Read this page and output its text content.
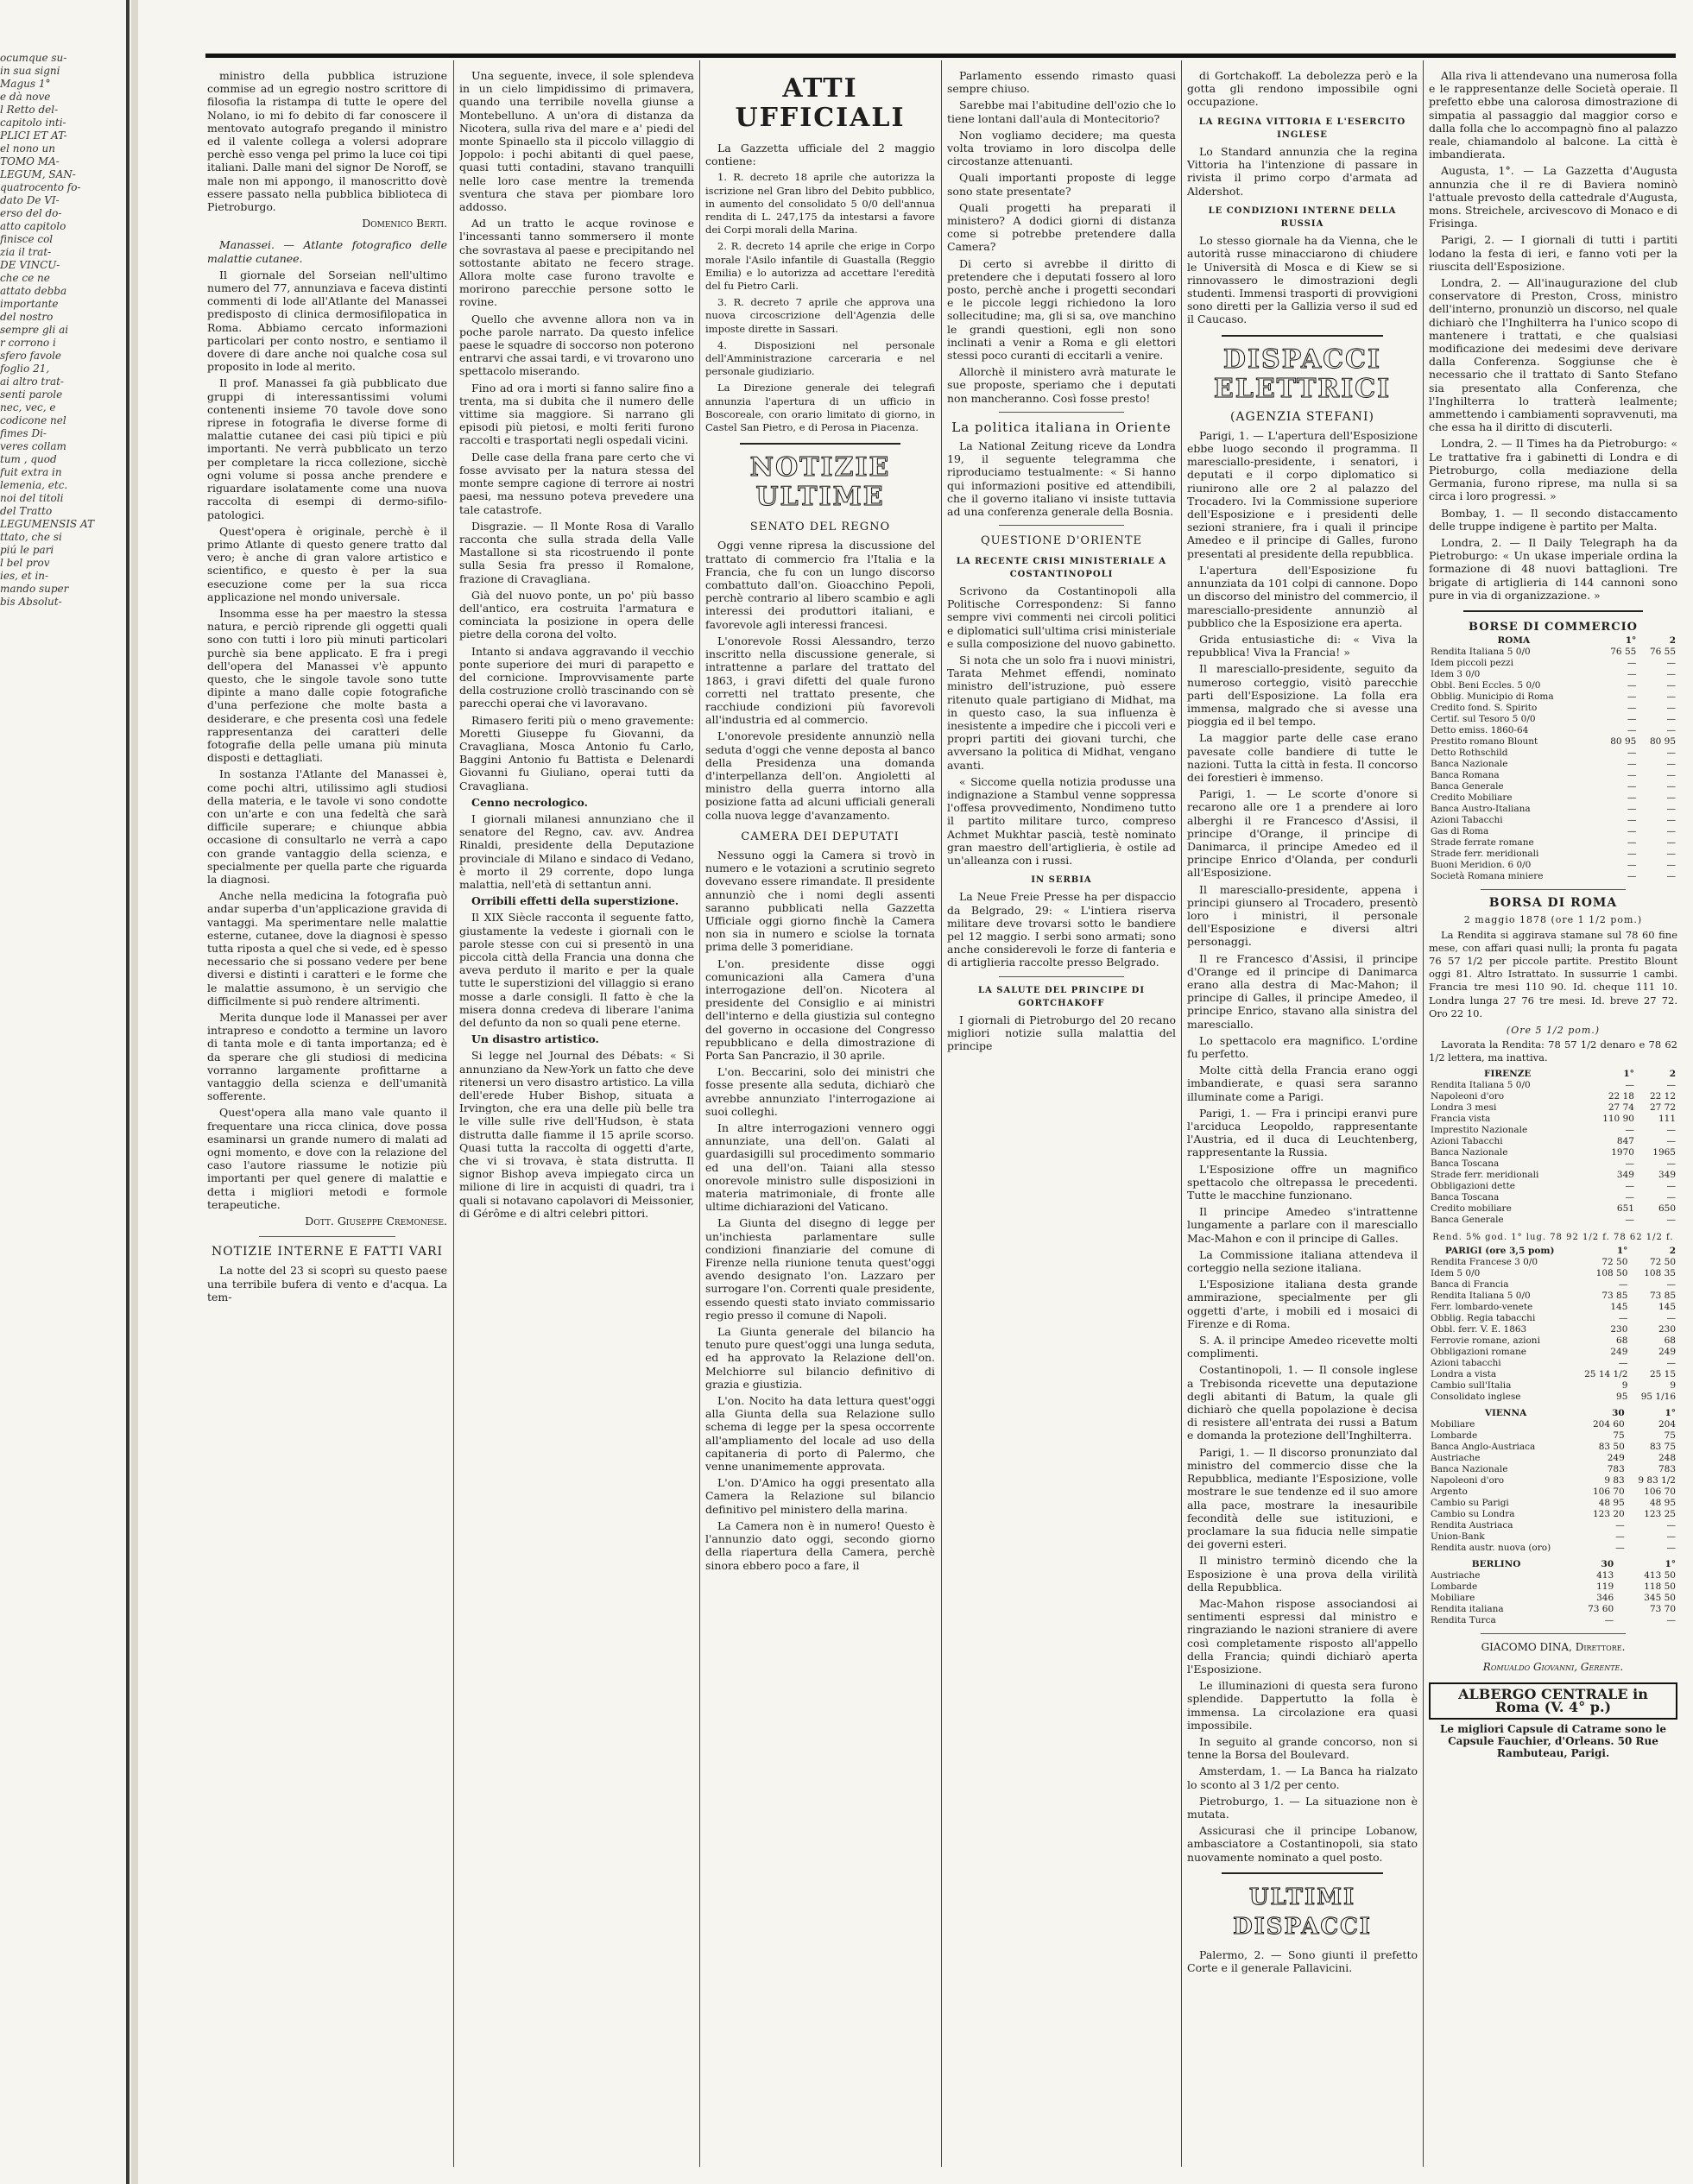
ocumque su-
in sua signi
Magus 1°
e dà nove
l Retto del-
capitolo inti-
PLICI ET AT-
el nono un
TOMO MA-
LEGUM, SAN-
quatrocento fo-
dato De VI-
erso del do-
atto capitolo
finisce col
zia il trat-
DE VINCU-
che ce ne
attato debba
importante
del nostro
sempre gli ai
r corrono i
sfero favole
foglio 21,
ai altro trat-
senti parole
nec, vec, e
codicone nel
fimes Di-
veres collam
tum , quod
fuit extra in
lemenia, etc.
noi del titoli
del Tratto
LEGUMENSIS AT
ttato, che si
piú le pari
l bel prov
ies, et in-
mando super
bis Absolut-

ministro della pubblica istruzione commise ad un egregio nostro scrittore di filosofia la ristampa di tutte le opere del Nolano, io mi fo debito di far conoscere il mentovato autografo pregando il ministro ed il valente collega a volersi adoprare perchè esso venga pel primo la luce coi tipi italiani. Dalle mani del signor De Noroff, se male non mi appongo, il manoscritto dovè essere passato nella pubblica biblioteca di Pietroburgo.

Domenico Berti.

Manassei. — Atlante fotografico delle malattie cutanee.

Il giornale del Sorseian nell'ultimo numero del 77, annunziava e faceva distinti commenti di lode all'Atlante del Manassei predisposto di clinica dermosifilopatica in Roma. Abbiamo cercato informazioni particolari per conto nostro, e sentiamo il dovere di dare anche noi qualche cosa sul proposito in lode al merito.

Il prof. Manassei fa già pubblicato due gruppi di interessantissimi volumi contenenti insieme 70 tavole dove sono riprese in fotografia le diverse forme di malattie cutanee dei casi più tipici e più importanti. Ne verrà pubblicato un terzo per completare la ricca collezione, sicchè ogni volume si possa anche prendere e riguardare isolatamente come una nuova raccolta di esempi di dermo-sifilo-patologici.

Quest'opera è originale, perchè è il primo Atlante di questo genere tratto dal vero; è anche di gran valore artistico e scientifico, e questo è per la sua esecuzione come per la sua ricca applicazione nel mondo universale.

Insomma esse ha per maestro la stessa natura, e perciò riprende gli oggetti quali sono con tutti i loro più minuti particolari purchè sia bene applicato. E fra i pregi dell'opera del Manassei v'è appunto questo, che le singole tavole sono tutte dipinte a mano dalle copie fotografiche d'una perfezione che molte basta a desiderare, e che presenta così una fedele rappresentanza dei caratteri delle fotografie della pelle umana più minuta disposti e dettagliati.

In sostanza l'Atlante del Manassei è, come pochi altri, utilissimo agli studiosi della materia, e le tavole vi sono condotte con un'arte e con una fedeltà che sarà difficile superare; e chiunque abbia occasione di consultarlo ne verrà a capo con grande vantaggio della scienza, e specialmente per quella parte che riguarda la diagnosi.

Anche nella medicina la fotografia può andar superba d'un'applicazione gravida di vantaggi. Ma sperimentare nelle malattie esterne, cutanee, dove la diagnosi è spesso tutta riposta a quel che si vede, ed è spesso necessario che si possano vedere per bene diversi e distinti i caratteri e le forme che le malattie assumono, è un servigio che difficilmente si può rendere altrimenti.

Merita dunque lode il Manassei per aver intrapreso e condotto a termine un lavoro di tanta mole e di tanta importanza; ed è da sperare che gli studiosi di medicina vorranno largamente profittarne a vantaggio della scienza e dell'umanità sofferente.

Quest'opera alla mano vale quanto il frequentare una ricca clinica, dove possa esaminarsi un grande numero di malati ad ogni momento, e dove con la relazione del caso l'autore riassume le notizie più importanti per quel genere di malattie e detta i migliori metodi e formole terapeutiche.

Dott. Giuseppe Cremonese.
NOTIZIE INTERNE E FATTI VARI

La notte del 23 si scoprì su questo paese una terribile bufera di vento e d'acqua. La tem-

Una seguente, invece, il sole splendeva in un cielo limpidissimo di primavera, quando una terribile novella giunse a Montebelluno. A un'ora di distanza da Nicotera, sulla riva del mare e a' piedi del monte Spinaello sta il piccolo villaggio di Joppolo: i pochi abitanti di quel paese, quasi tutti contadini, stavano tranquilli nelle loro case mentre la tremenda sventura che stava per piombare loro addosso.

Ad un tratto le acque rovinose e l'incessanti tanno sommersero il monte che sovrastava al paese e precipitando nel sottostante abitato ne fecero strage. Allora molte case furono travolte e morirono parecchie persone sotto le rovine.

Quello che avvenne allora non va in poche parole narrato. Da questo infelice paese le squadre di soccorso non poterono entrarvi che assai tardi, e vi trovarono uno spettacolo miserando.

Fino ad ora i morti si fanno salire fino a trenta, ma si dubita che il numero delle vittime sia maggiore. Si narrano gli episodi più pietosi, e molti feriti furono raccolti e trasportati negli ospedali vicini.

Delle case della frana pare certo che vi fosse avvisato per la natura stessa del monte sempre cagione di terrore ai nostri paesi, ma nessuno poteva prevedere una tale catastrofe.

Disgrazie. — Il Monte Rosa di Varallo racconta che sulla strada della Valle Mastallone si sta ricostruendo il ponte sulla Sesia fra presso il Romalone, frazione di Cravagliana.

Già del nuovo ponte, un po' più basso dell'antico, era costruita l'armatura e cominciata la posizione in opera delle pietre della corona del volto.

Intanto si andava aggravando il vecchio ponte superiore dei muri di parapetto e del cornicione. Improvvisamente parte della costruzione crollò trascinando con sè parecchi operai che vi lavoravano.

Rimasero feriti più o meno gravemente: Moretti Giuseppe fu Giovanni, da Cravagliana, Mosca Antonio fu Carlo, Baggini Antonio fu Battista e Delenardi Giovanni fu Giuliano, operai tutti da Cravagliana.

Cenno necrologico.

I giornali milanesi annunziano che il senatore del Regno, cav. avv. Andrea Rinaldi, presidente della Deputazione provinciale di Milano e sindaco di Vedano, è morto il 29 corrente, dopo lunga malattia, nell'età di settantun anni.

Orribili effetti della superstizione.

Il XIX Siècle racconta il seguente fatto, giustamente la vedeste i giornali con le parole stesse con cui si presentò in una piccola città della Francia una donna che aveva perduto il marito e per la quale tutte le superstizioni del villaggio si erano mosse a darle consigli. Il fatto è che la misera donna credeva di liberare l'anima del defunto da non so quali pene eterne.

Un disastro artistico.

Si legge nel Journal des Débats: « Si annunziano da New-York un fatto che deve ritenersi un vero disastro artistico. La villa dell'erede Huber Bishop, situata a Irvington, che era una delle più belle tra le ville sulle rive dell'Hudson, è stata distrutta dalle fiamme il 15 aprile scorso. Quasi tutta la raccolta di oggetti d'arte, che vi si trovava, è stata distrutta. Il signor Bishop aveva impiegato circa un milione di lire in acquisti di quadri, tra i quali si notavano capolavori di Meissonier, di Gérôme e di altri celebri pittori.

ATTI UFFICIALI

La Gazzetta ufficiale del 2 maggio contiene:

1. R. decreto 18 aprile che autorizza la iscrizione nel Gran libro del Debito pubblico, in aumento del consolidato 5 0/0 dell'annua rendita di L. 247,175 da intestarsi a favore dei Corpi morali della Marina.

2. R. decreto 14 aprile che erige in Corpo morale l'Asilo infantile di Guastalla (Reggio Emilia) e lo autorizza ad accettare l'eredità del fu Pietro Carli.

3. R. decreto 7 aprile che approva una nuova circoscrizione dell'Agenzia delle imposte dirette in Sassari.

4. Disposizioni nel personale dell'Amministrazione carceraria e nel personale giudiziario.

La Direzione generale dei telegrafi annunzia l'apertura di un ufficio in Boscoreale, con orario limitato di giorno, in Castel San Pietro, e di Perosa in Piacenza.

NOTIZIE ULTIME
SENATO DEL REGNO

Oggi venne ripresa la discussione del trattato di commercio fra l'Italia e la Francia, che fu con un lungo discorso combattuto dall'on. Gioacchino Pepoli, perchè contrario al libero scambio e agli interessi dei produttori italiani, e favorevole agli interessi francesi.

L'onorevole Rossi Alessandro, terzo inscritto nella discussione generale, si intrattenne a parlare del trattato del 1863, i gravi difetti del quale furono corretti nel trattato presente, che racchiude condizioni più favorevoli all'industria ed al commercio.

L'onorevole presidente annunziò nella seduta d'oggi che venne deposta al banco della Presidenza una domanda d'interpellanza dell'on. Angioletti al ministro della guerra intorno alla posizione fatta ad alcuni ufficiali generali colla nuova legge d'avanzamento.

CAMERA DEI DEPUTATI

Nessuno oggi la Camera si trovò in numero e le votazioni a scrutinio segreto dovevano essere rimandate. Il presidente annunziò che i nomi degli assenti saranno pubblicati nella Gazzetta Ufficiale oggi giorno finchè la Camera non sia in numero e sciolse la tornata prima delle 3 pomeridiane.

L'on. presidente disse oggi comunicazioni alla Camera d'una interrogazione dell'on. Nicotera al presidente del Consiglio e ai ministri dell'interno e della giustizia sul contegno del governo in occasione del Congresso repubblicano e della dimostrazione di Porta San Pancrazio, il 30 aprile.

L'on. Beccarini, solo dei ministri che fosse presente alla seduta, dichiarò che avrebbe annunziato l'interrogazione ai suoi colleghi.

In altre interrogazioni vennero oggi annunziate, una dell'on. Galati al guardasigilli sul procedimento sommario ed una dell'on. Taiani alla stesso onorevole ministro sulle disposizioni in materia matrimoniale, di fronte alle ultime dichiarazioni del Vaticano.

La Giunta del disegno di legge per un'inchiesta parlamentare sulle condizioni finanziarie del comune di Firenze nella riunione tenuta quest'oggi avendo designato l'on. Lazzaro per surrogare l'on. Correnti quale presidente, essendo questi stato inviato commissario regio presso il comune di Napoli.

La Giunta generale del bilancio ha tenuto pure quest'oggi una lunga seduta, ed ha approvato la Relazione dell'on. Melchiorre sul bilancio definitivo di grazia e giustizia.

L'on. Nocito ha data lettura quest'oggi alla Giunta della sua Relazione sullo schema di legge per la spesa occorrente all'ampliamento del locale ad uso della capitaneria di porto di Palermo, che venne unanimemente approvata.

L'on. D'Amico ha oggi presentato alla Camera la Relazione sul bilancio definitivo pel ministero della marina.

La Camera non è in numero! Questo è l'annunzio dato oggi, secondo giorno della riapertura della Camera, perchè sinora ebbero poco a fare, il

Parlamento essendo rimasto quasi sempre chiuso.

Sarebbe mai l'abitudine dell'ozio che lo tiene lontani dall'aula di Montecitorio?

Non vogliamo decidere; ma questa volta troviamo in loro discolpa delle circostanze attenuanti.

Quali importanti proposte di legge sono state presentate?

Quali progetti ha preparati il ministero? A dodici giorni di distanza come si potrebbe pretendere dalla Camera?

Di certo si avrebbe il diritto di pretendere che i deputati fossero al loro posto, perchè anche i progetti secondari e le piccole leggi richiedono la loro sollecitudine; ma, gli si sa, ove manchino le grandi questioni, egli non sono inclinati a venir a Roma e gli elettori stessi poco curanti di eccitarli a venire.

Allorchè il ministero avrà maturate le sue proposte, speriamo che i deputati non mancheranno. Così fosse presto!

La politica italiana in Oriente

La National Zeitung riceve da Londra 19, il seguente telegramma che riproduciamo testualmente: « Si hanno qui informazioni positive ed attendibili, che il governo italiano vi insiste tuttavia ad una conferenza generale della Bosnia.

QUESTIONE D'ORIENTE
LA RECENTE CRISI MINISTERIALE A COSTANTINOPOLI

Scrivono da Costantinopoli alla Politische Correspondenz: Si fanno sempre vivi commenti nei circoli politici e diplomatici sull'ultima crisi ministeriale e sulla composizione del nuovo gabinetto.

Si nota che un solo fra i nuovi ministri, Tarata Mehmet effendi, nominato ministro dell'istruzione, può essere ritenuto quale partigiano di Midhat, ma in questo caso, la sua influenza è inesistente a impedire che i piccoli veri e propri partiti dei giovani turchi, che avversano la politica di Midhat, vengano avanti.

« Siccome quella notizia produsse una indignazione a Stambul venne soppressa l'offesa provvedimento, Nondimeno tutto il partito militare turco, compreso Achmet Mukhtar pascià, testè nominato gran maestro dell'artiglieria, è ostile ad un'alleanza con i russi.

IN SERBIA

La Neue Freie Presse ha per dispaccio da Belgrado, 29: « L'intiera riserva militare deve trovarsi sotto le bandiere pel 12 maggio. I serbi sono armati; sono anche considerevoli le forze di fanteria e di artiglieria raccolte presso Belgrado.

LA SALUTE DEL PRINCIPE DI GORTCHAKOFF

I giornali di Pietroburgo del 20 recano migliori notizie sulla malattia del principe

di Gortchakoff. La debolezza però e la gotta gli rendono impossibile ogni occupazione.

LA REGINA VITTORIA E L'ESERCITO INGLESE

Lo Standard annunzia che la regina Vittoria ha l'intenzione di passare in rivista il primo corpo d'armata ad Aldershot.

LE CONDIZIONI INTERNE DELLA RUSSIA

Lo stesso giornale ha da Vienna, che le autorità russe minacciarono di chiudere le Università di Mosca e di Kiew se si rinnovassero le dimostrazioni degli studenti. Immensi trasporti di provvigioni sono diretti per la Gallizia verso il sud ed il Caucaso.

DISPACCI ELETTRICI
(AGENZIA STEFANI)

Parigi, 1. — L'apertura dell'Esposizione ebbe luogo secondo il programma. Il maresciallo-presidente, i senatori, i deputati e il corpo diplomatico si riunirono alle ore 2 al palazzo del Trocadero. Ivi la Commissione superiore dell'Esposizione e i presidenti delle sezioni straniere, fra i quali il principe Amedeo e il principe di Galles, furono presentati al presidente della repubblica.

L'apertura dell'Esposizione fu annunziata da 101 colpi di cannone. Dopo un discorso del ministro del commercio, il maresciallo-presidente annunziò al pubblico che la Esposizione era aperta.

Grida entusiastiche di: « Viva la repubblica! Viva la Francia! »

Il maresciallo-presidente, seguito da numeroso corteggio, visitò parecchie parti dell'Esposizione. La folla era immensa, malgrado che si avesse una pioggia ed il bel tempo.

La maggior parte delle case erano pavesate colle bandiere di tutte le nazioni. Tutta la città in festa. Il concorso dei forestieri è immenso.

Parigi, 1. — Le scorte d'onore si recarono alle ore 1 a prendere ai loro alberghi il re Francesco d'Assisi, il principe d'Orange, il principe di Danimarca, il principe Amedeo ed il principe Enrico d'Olanda, per condurli all'Esposizione.

Il maresciallo-presidente, appena i principi giunsero al Trocadero, presentò loro i ministri, il personale dell'Esposizione e diversi altri personaggi.

Il re Francesco d'Assisi, il principe d'Orange ed il principe di Danimarca erano alla destra di Mac-Mahon; il principe di Galles, il principe Amedeo, il principe Enrico, stavano alla sinistra del maresciallo.

Lo spettacolo era magnifico. L'ordine fu perfetto.

Molte città della Francia erano oggi imbandierate, e quasi sera saranno illuminate come a Parigi.

Parigi, 1. — Fra i principi eranvi pure l'arciduca Leopoldo, rappresentante l'Austria, ed il duca di Leuchtenberg, rappresentante la Russia.

L'Esposizione offre un magnifico spettacolo che oltrepassa le precedenti. Tutte le macchine funzionano.

Il principe Amedeo s'intrattenne lungamente a parlare con il maresciallo Mac-Mahon e con il principe di Galles.

La Commissione italiana attendeva il corteggio nella sezione italiana.

L'Esposizione italiana desta grande ammirazione, specialmente per gli oggetti d'arte, i mobili ed i mosaici di Firenze e di Roma.

S. A. il principe Amedeo ricevette molti complimenti.

Costantinopoli, 1. — Il console inglese a Trebisonda ricevette una deputazione degli abitanti di Batum, la quale gli dichiarò che quella popolazione è decisa di resistere all'entrata dei russi a Batum e domanda la protezione dell'Inghilterra.

Parigi, 1. — Il discorso pronunziato dal ministro del commercio disse che la Repubblica, mediante l'Esposizione, volle mostrare le sue tendenze ed il suo amore alla pace, mostrare la inesauribile fecondità delle sue istituzioni, e proclamare la sua fiducia nelle simpatie dei governi esteri.

Il ministro terminò dicendo che la Esposizione è una prova della virilità della Repubblica.

Mac-Mahon rispose associandosi ai sentimenti espressi dal ministro e ringraziando le nazioni straniere di avere così completamente risposto all'appello della Francia; quindi dichiarò aperta l'Esposizione.

Le illuminazioni di questa sera furono splendide. Dappertutto la folla è immensa. La circolazione era quasi impossibile.

In seguito al grande concorso, non si tenne la Borsa del Boulevard.

Amsterdam, 1. — La Banca ha rialzato lo sconto al 3 1/2 per cento.

Pietroburgo, 1. — La situazione non è mutata.

Assicurasi che il principe Lobanow, ambasciatore a Costantinopoli, sia stato nuovamente nominato a quel posto.

ULTIMI DISPACCI

Palermo, 2. — Sono giunti il prefetto Corte e il generale Pallavicini.

Alla riva li attendevano una numerosa folla e le rappresentanze delle Società operaie. Il prefetto ebbe una calorosa dimostrazione di simpatia al passaggio dal maggior corso e dalla folla che lo accompagnò fino al palazzo reale, chiamandolo al balcone. La città è imbandierata.

Augusta, 1°. — La Gazzetta d'Augusta annunzia che il re di Baviera nominò l'attuale prevosto della cattedrale d'Augusta, mons. Streichele, arcivescovo di Monaco e di Frisinga.

Parigi, 2. — I giornali di tutti i partiti lodano la festa di ieri, e fanno voti per la riuscita dell'Esposizione.

Londra, 2. — All'inaugurazione del club conservatore di Preston, Cross, ministro dell'interno, pronunziò un discorso, nel quale dichiarò che l'Inghilterra ha l'unico scopo di mantenere i trattati, e che qualsiasi modificazione dei medesimi deve derivare dalla Conferenza. Soggiunse che è necessario che il trattato di Santo Stefano sia presentato alla Conferenza, che l'Inghilterra lo tratterà lealmente; ammettendo i cambiamenti sopravvenuti, ma che essa ha il diritto di discuterli.

Londra, 2. — Il Times ha da Pietroburgo: « Le trattative fra i gabinetti di Londra e di Pietroburgo, colla mediazione della Germania, furono riprese, ma nulla si sa circa i loro progressi. »

Bombay, 1. — Il secondo distaccamento delle truppe indigene è partito per Malta.

Londra, 2. — Il Daily Telegraph ha da Pietroburgo: « Un ukase imperiale ordina la formazione di 48 nuovi battaglioni. Tre brigate di artiglieria di 144 cannoni sono pure in via di organizzazione. »

BORSE DI COMMERCIO
ROMA	1°	2
Rendita Italiana 5 0/0	76 55	76 55
Idem piccoli pezzi	—	—
Idem 3 0/0	—	—
Obbl. Beni Eccles. 5 0/0	—	—
Obblig. Municipio di Roma	—	—
Credito fond. S. Spirito	—	—
Certif. sul Tesoro 5 0/0	—	—
Detto emiss. 1860-64	—	—
Prestito romano Blount	80 95	80 95
Detto Rothschild	—	—
Banca Nazionale	—	—
Banca Romana	—	—
Banca Generale	—	—
Credito Mobiliare	—	—
Banca Austro-Italiana	—	—
Azioni Tabacchi	—	—
Gas di Roma	—	—
Strade ferrate romane	—	—
Strade ferr. meridionali	—	—
Buoni Meridion. 6 0/0	—	—
Società Romana miniere	—	—
BORSA DI ROMA
2 maggio 1878 (ore 1 1/2 pom.)

La Rendita si aggirava stamane sul 78 60 fine mese, con affari quasi nulli; la pronta fu pagata 76 57 1/2 per piccole partite. Prestito Blount oggi 81. Altro Istrattato. In sussurrie 1 cambi. Francia tre mesi 110 90. Id. cheque 111 10. Londra lunga 27 76 tre mesi. Id. breve 27 72. Oro 22 10.

(Ore 5 1/2 pom.)

Lavorata la Rendita: 78 57 1/2 denaro e 78 62 1/2 lettera, ma inattiva.

FIRENZE	1°	2
Rendita Italiana 5 0/0	—	—
Napoleoni d'oro	22 18	22 12
Londra 3 mesi	27 74	27 72
Francia vista	110 90	111
Imprestito Nazionale	—	—
Azioni Tabacchi	847	—
Banca Nazionale	1970	1965
Banca Toscana	—	—
Strade ferr. meridionali	349	349
Obbligazioni dette	—	—
Banca Toscana	—	—
Credito mobiliare	651	650
Banca Generale	—	—
Rend. 5% god. 1° lug. 78 92 1/2 f. 78 62 1/2 f.
PARIGI (ore 3,5 pom)	1°	2
Rendita Francese 3 0/0	72 50	72 50
Idem 5 0/0	108 50	108 35
Banca di Francia	—	—
Rendita Italiana 5 0/0	73 85	73 85
Ferr. lombardo-venete	145	145
Obblig. Regia tabacchi	—	—
Obbl. ferr. V. E. 1863	230	230
Ferrovie romane, azioni	68	68
Obbligazioni romane	249	249
Azioni tabacchi	—	—
Londra a vista	25 14 1/2	25 15
Cambio sull'Italia	9	9
Consolidato inglese	95	95 1/16
VIENNA	30	1°
Mobiliare	204 60	204
Lombarde	75	75
Banca Anglo-Austriaca	83 50	83 75
Austriache	249	248
Banca Nazionale	783	783
Napoleoni d'oro	9 83	9 83 1/2
Argento	106 70	106 70
Cambio su Parigi	48 95	48 95
Cambio su Londra	123 20	123 25
Rendita Austriaca	—	—
Union-Bank	—	—
Rendita austr. nuova (oro)	—	—
BERLINO	30	1°
Austriache	413	413 50
Lombarde	119	118 50
Mobiliare	346	345 50
Rendita italiana	73 60	73 70
Rendita Turca	—	—
GIACOMO DINA, Direttore.
Romualdo Giovanni, Gerente.
ALBERGO CENTRALE in Roma (V. 4° p.)
Le migliori Capsule di Catrame sono le Capsule Fauchier, d'Orleans. 50 Rue Rambuteau, Parigi.
